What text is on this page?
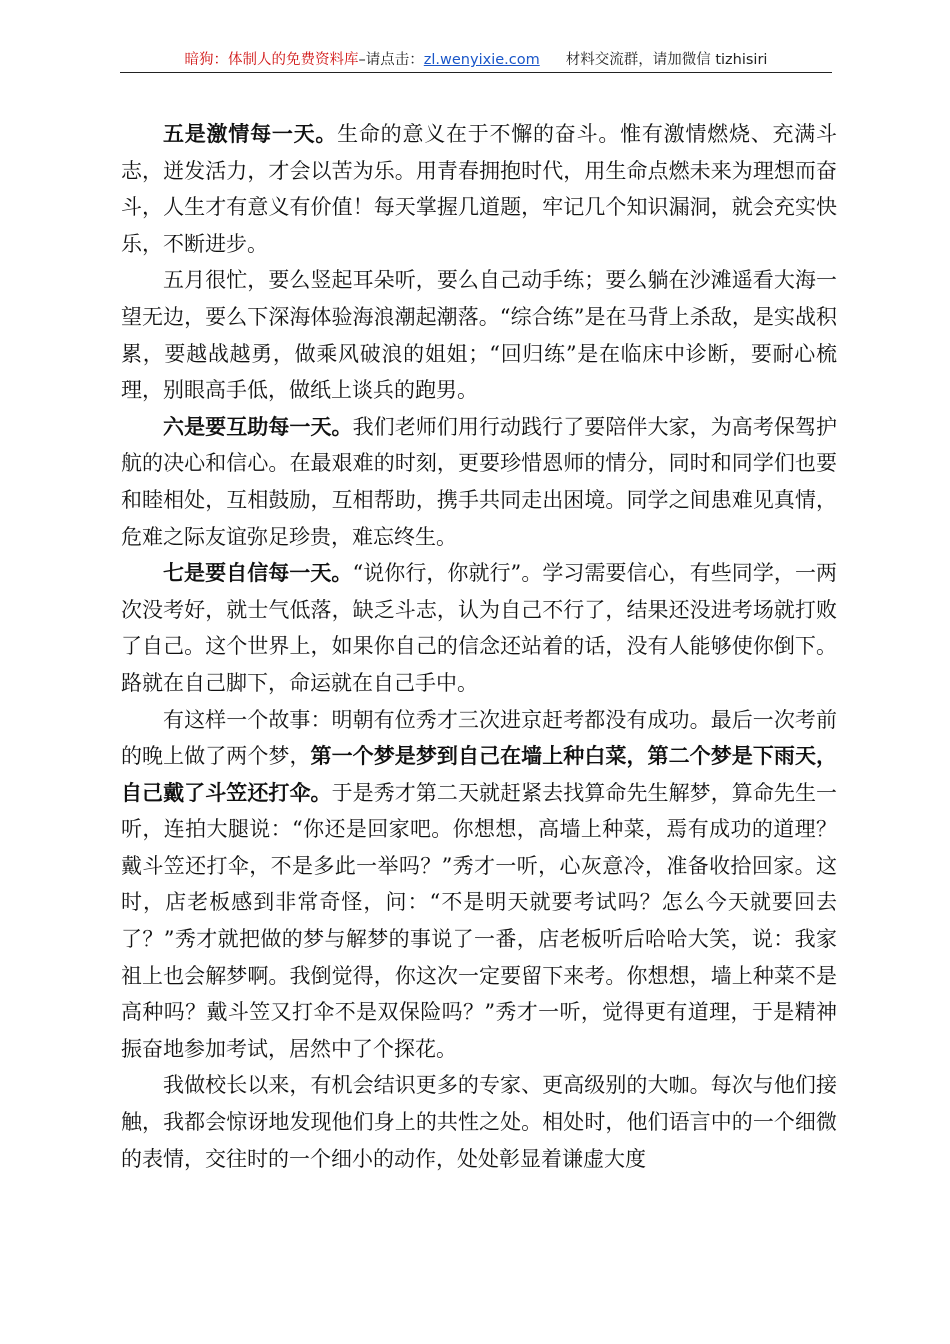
暗狗：体制人的免费资料库–请点击：zl.wenyixie.com 材料交流群，请加微信 tizhisiri

五是激情每一天。生命的意义在于不懈的奋斗。惟有激情燃烧、充满斗志，迸发活力，才会以苦为乐。用青春拥抱时代，用生命点燃未来为理想而奋斗，人生才有意义有价值！每天掌握几道题，牢记几个知识漏洞，就会充实快乐，不断进步。

五月很忙，要么竖起耳朵听，要么自己动手练；要么躺在沙滩遥看大海一望无边，要么下深海体验海浪潮起潮落。“综合练”是在马背上杀敌，是实战积累，要越战越勇，做乘风破浪的姐姐；“回归练”是在临床中诊断，要耐心梳理，别眼高手低，做纸上谈兵的跑男。

六是要互助每一天。我们老师们用行动践行了要陪伴大家，为高考保驾护航的决心和信心。在最艰难的时刻，更要珍惜恩师的情分，同时和同学们也要和睦相处，互相鼓励，互相帮助，携手共同走出困境。同学之间患难见真情，危难之际友谊弥足珍贵，难忘终生。

七是要自信每一天。“说你行，你就行”。学习需要信心，有些同学，一两次没考好，就士气低落，缺乏斗志，认为自己不行了，结果还没进考场就打败了自己。这个世界上，如果你自己的信念还站着的话，没有人能够使你倒下。路就在自己脚下，命运就在自己手中。

有这样一个故事：明朝有位秀才三次进京赶考都没有成功。最后一次考前的晚上做了两个梦，第一个梦是梦到自己在墙上种白菜，第二个梦是下雨天，自己戴了斗笠还打伞。于是秀才第二天就赶紧去找算命先生解梦，算命先生一听，连拍大腿说：“你还是回家吧。你想想，高墙上种菜，焉有成功的道理？戴斗笠还打伞，不是多此一举吗？”秀才一听，心灰意冷，准备收拾回家。这时，店老板感到非常奇怪，问：“不是明天就要考试吗？怎么今天就要回去了？”秀才就把做的梦与解梦的事说了一番，店老板听后哈哈大笑，说：我家祖上也会解梦啊。我倒觉得，你这次一定要留下来考。你想想，墙上种菜不是高种吗？戴斗笠又打伞不是双保险吗？”秀才一听，觉得更有道理，于是精神振奋地参加考试，居然中了个探花。

我做校长以来，有机会结识更多的专家、更高级别的大咖。每次与他们接触，我都会惊讶地发现他们身上的共性之处。相处时，他们语言中的一个细微的表情，交往时的一个细小的动作，处处彰显着谦虚大度
